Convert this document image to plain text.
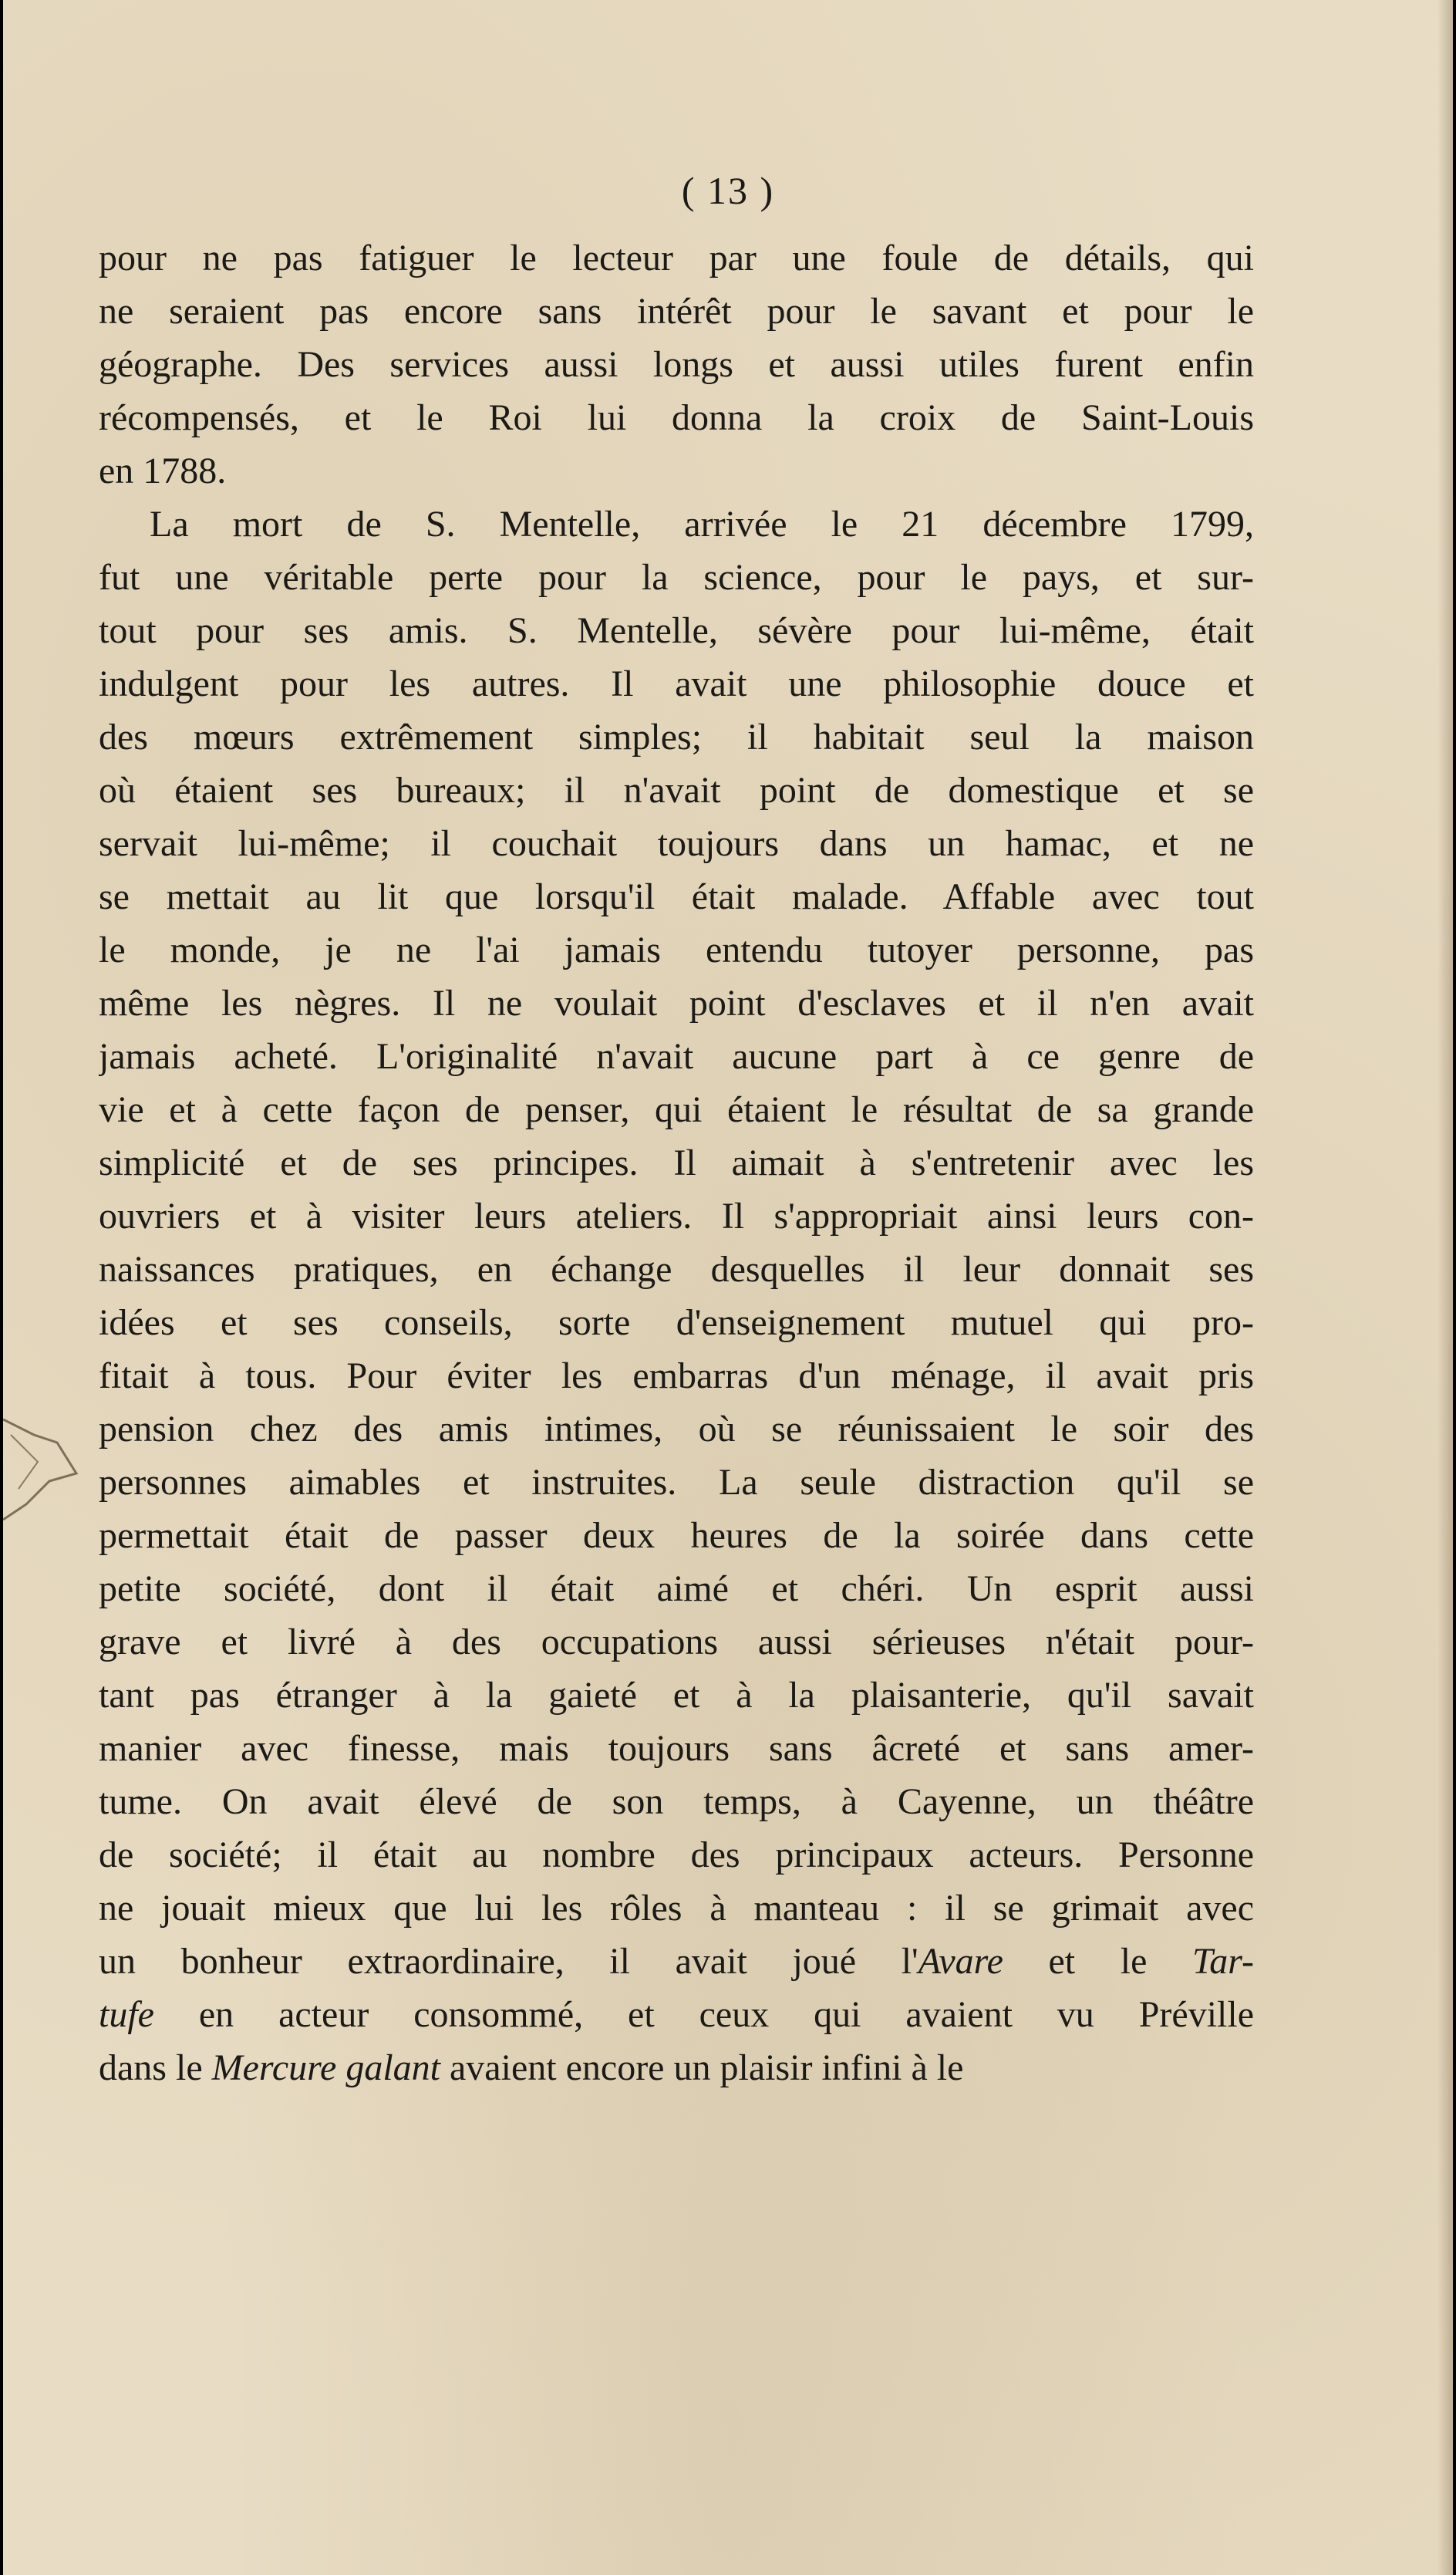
( 13 )
pour ne pas fatiguer le lecteur par une foule de détails, qui
ne seraient pas encore sans intérêt pour le savant et pour le
géographe. Des services aussi longs et aussi utiles furent enfin
récompensés, et le Roi lui donna la croix de Saint-Louis
en 1788.
La mort de S. Mentelle, arrivée le 21 décembre 1799,
fut une véritable perte pour la science, pour le pays, et sur-
tout pour ses amis. S. Mentelle, sévère pour lui-même, était
indulgent pour les autres. Il avait une philosophie douce et
des mœurs extrêmement simples; il habitait seul la maison
où étaient ses bureaux; il n'avait point de domestique et se
servait lui-même; il couchait toujours dans un hamac, et ne
se mettait au lit que lorsqu'il était malade. Affable avec tout
le monde, je ne l'ai jamais entendu tutoyer personne, pas
même les nègres. Il ne voulait point d'esclaves et il n'en avait
jamais acheté. L'originalité n'avait aucune part à ce genre de
vie et à cette façon de penser, qui étaient le résultat de sa grande
simplicité et de ses principes. Il aimait à s'entretenir avec les
ouvriers et à visiter leurs ateliers. Il s'appropriait ainsi leurs con-
naissances pratiques, en échange desquelles il leur donnait ses
idées et ses conseils, sorte d'enseignement mutuel qui pro-
fitait à tous. Pour éviter les embarras d'un ménage, il avait pris
pension chez des amis intimes, où se réunissaient le soir des
personnes aimables et instruites. La seule distraction qu'il se
permettait était de passer deux heures de la soirée dans cette
petite société, dont il était aimé et chéri. Un esprit aussi
grave et livré à des occupations aussi sérieuses n'était pour-
tant pas étranger à la gaieté et à la plaisanterie, qu'il savait
manier avec finesse, mais toujours sans âcreté et sans amer-
tume. On avait élevé de son temps, à Cayenne, un théâtre
de société; il était au nombre des principaux acteurs. Personne
ne jouait mieux que lui les rôles à manteau : il se grimait avec
un bonheur extraordinaire, il avait joué l'Avare et le Tar-
tufe en acteur consommé, et ceux qui avaient vu Préville
dans le Mercure galant avaient encore un plaisir infini à le
